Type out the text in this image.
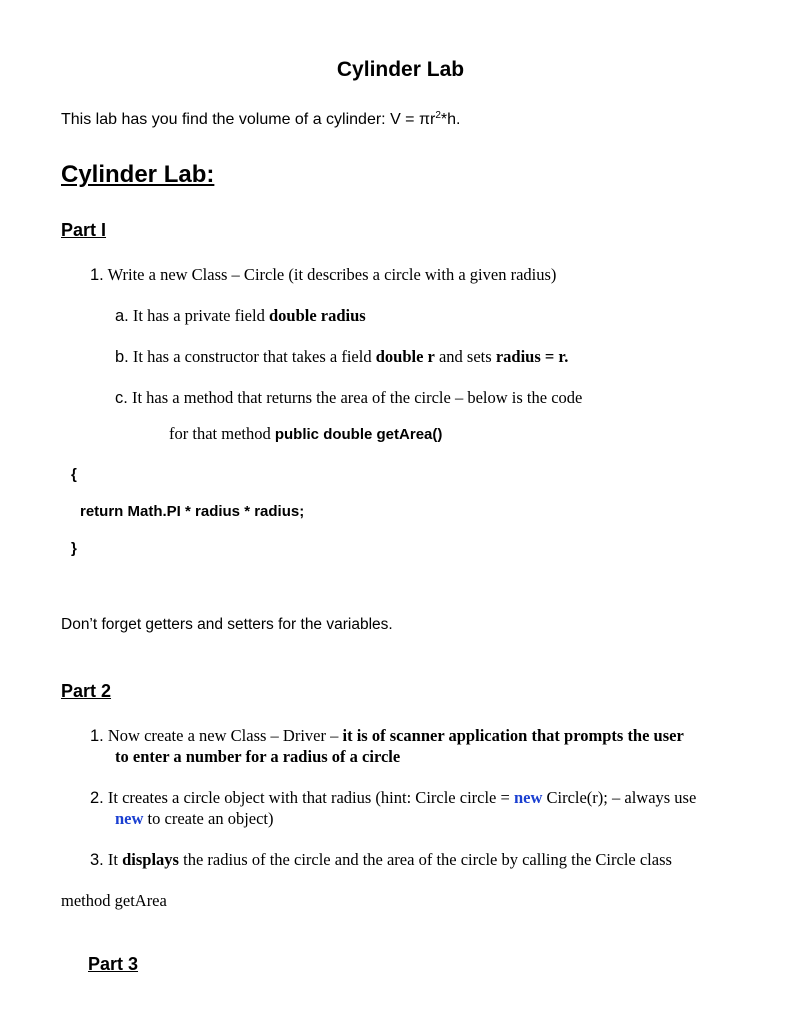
Cylinder Lab
This lab has you find the volume of a cylinder: $V = \pi r^2*h$.
Cylinder Lab:
Part I
1. Write a new Class – Circle (it describes a circle with a given radius)
a. It has a private field double radius
b. It has a constructor that takes a field double r and sets radius = r.
c. It has a method that returns the area of the circle – below is the code
for that method public double getArea()
{
return Math.PI * radius * radius;
}
Don’t forget getters and setters for the variables.
Part 2
1. Now create a new Class – Driver – it is of scanner application that prompts the user
to enter a number for a radius of a circle
2. It creates a circle object with that radius (hint: Circle circle = new Circle(r); – always use
new to create an object)
3. It displays the radius of the circle and the area of the circle by calling the Circle class
method getArea
Part 3
